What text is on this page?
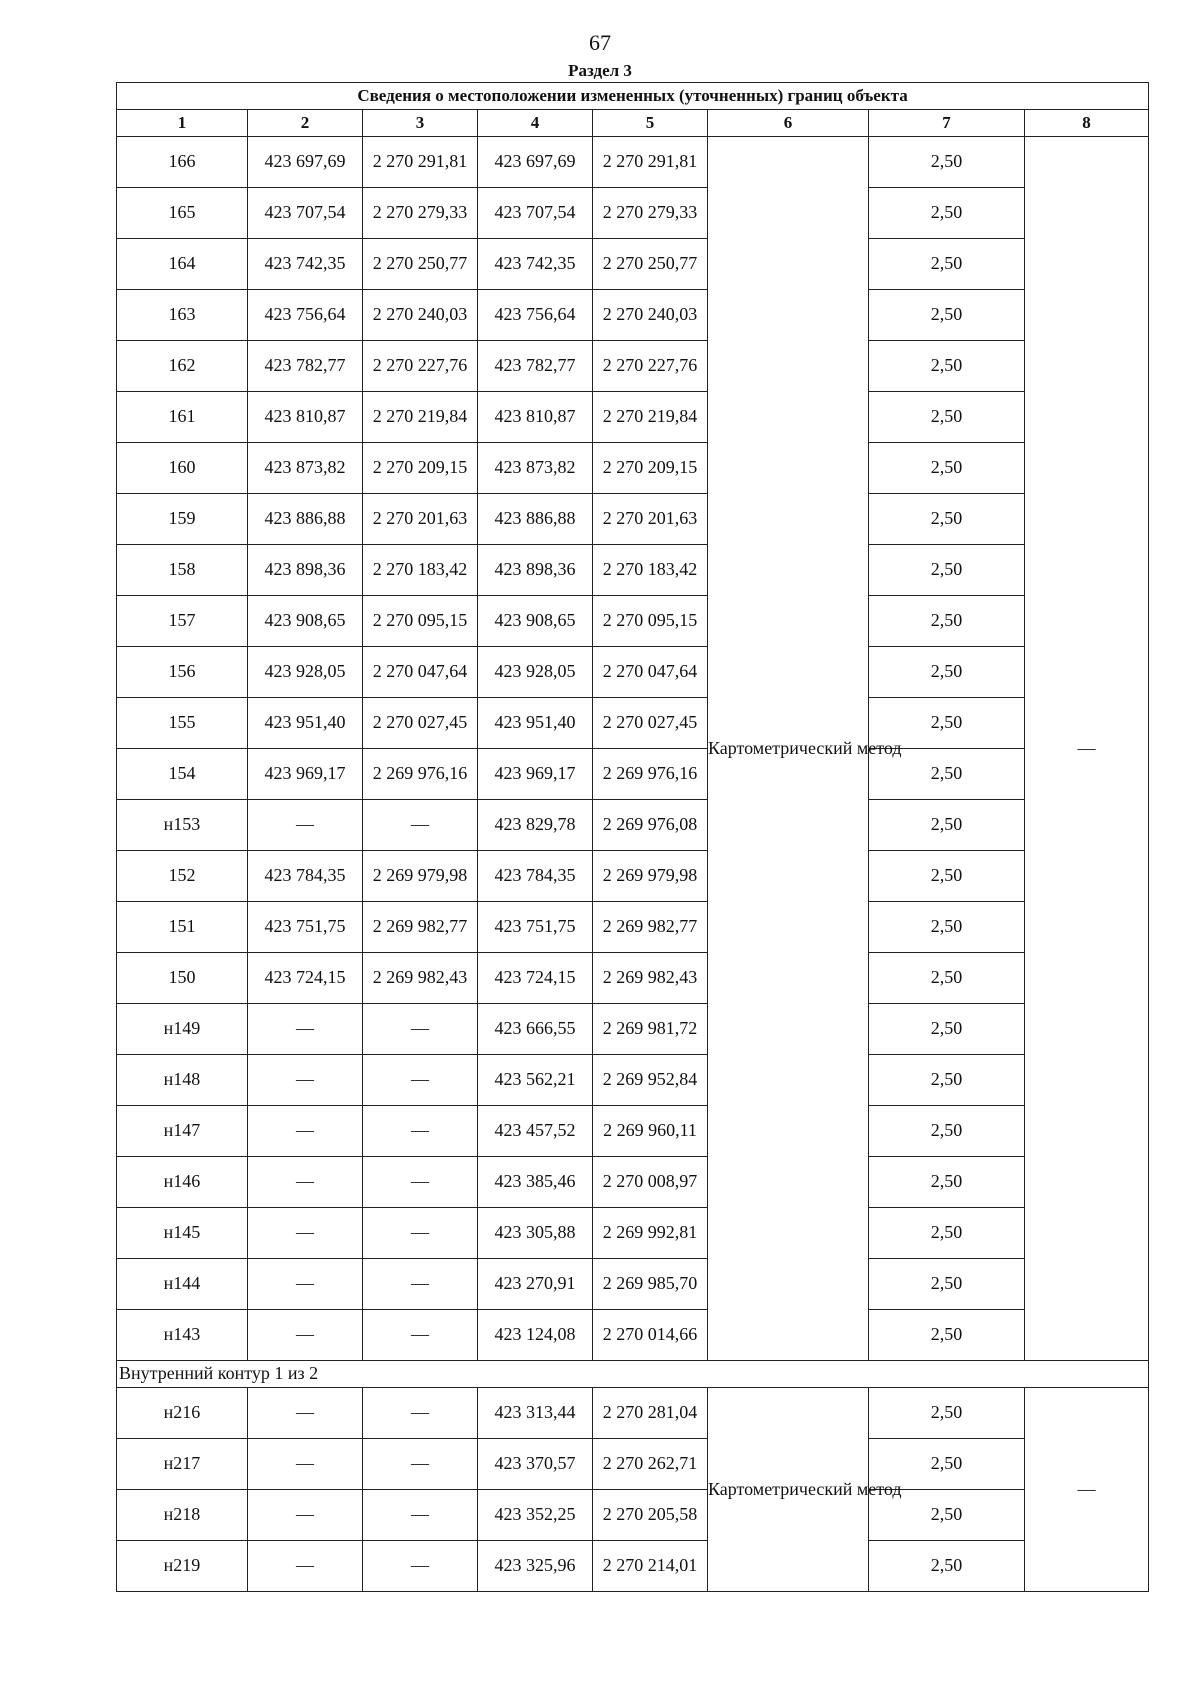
67
Раздел 3
Сведения о местоположении измененных (уточненных) границ объекта							
1	2	3	4	5	6	7	8
166	423 697,69	2 270 291,81	423 697,69	2 270 291,81	Картометрический метод	2,50	—
165	423 707,54	2 270 279,33	423 707,54	2 270 279,33		2,50	
164	423 742,35	2 270 250,77	423 742,35	2 270 250,77		2,50	
163	423 756,64	2 270 240,03	423 756,64	2 270 240,03		2,50	
162	423 782,77	2 270 227,76	423 782,77	2 270 227,76		2,50	
161	423 810,87	2 270 219,84	423 810,87	2 270 219,84		2,50	
160	423 873,82	2 270 209,15	423 873,82	2 270 209,15		2,50	
159	423 886,88	2 270 201,63	423 886,88	2 270 201,63		2,50	
158	423 898,36	2 270 183,42	423 898,36	2 270 183,42		2,50	
157	423 908,65	2 270 095,15	423 908,65	2 270 095,15		2,50	
156	423 928,05	2 270 047,64	423 928,05	2 270 047,64		2,50	
155	423 951,40	2 270 027,45	423 951,40	2 270 027,45		2,50	
154	423 969,17	2 269 976,16	423 969,17	2 269 976,16		2,50	
н153	—	—	423 829,78	2 269 976,08		2,50	
152	423 784,35	2 269 979,98	423 784,35	2 269 979,98		2,50	
151	423 751,75	2 269 982,77	423 751,75	2 269 982,77		2,50	
150	423 724,15	2 269 982,43	423 724,15	2 269 982,43		2,50	
н149	—	—	423 666,55	2 269 981,72		2,50	
н148	—	—	423 562,21	2 269 952,84		2,50	
н147	—	—	423 457,52	2 269 960,11		2,50	
н146	—	—	423 385,46	2 270 008,97		2,50	
н145	—	—	423 305,88	2 269 992,81		2,50	
н144	—	—	423 270,91	2 269 985,70		2,50	
н143	—	—	423 124,08	2 270 014,66		2,50	
Внутренний контур 1 из 2							
н216	—	—	423 313,44	2 270 281,04	Картометрический метод	2,50	—
н217	—	—	423 370,57	2 270 262,71		2,50	
н218	—	—	423 352,25	2 270 205,58		2,50	
н219	—	—	423 325,96	2 270 214,01		2,50	
